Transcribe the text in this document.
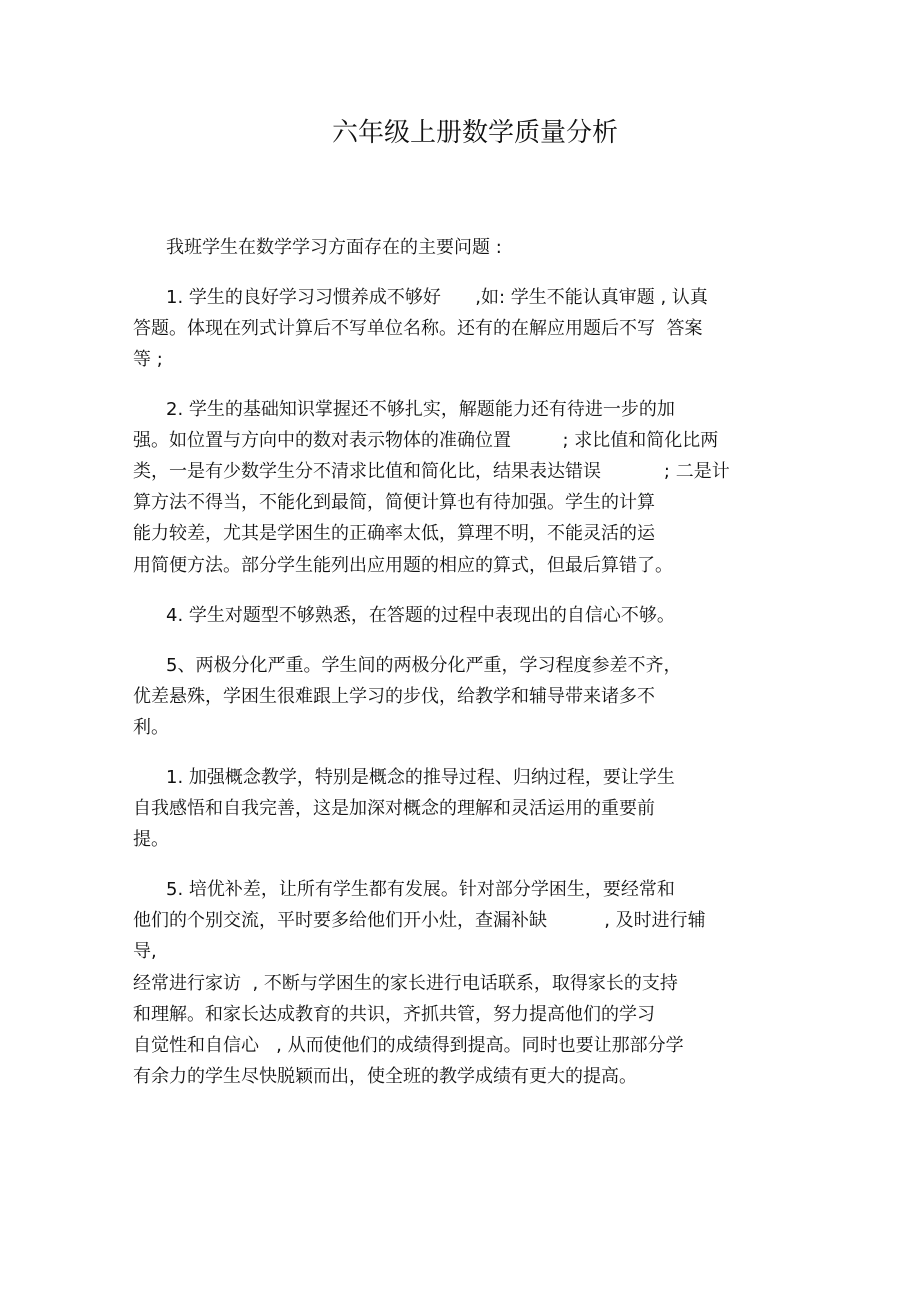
六年级上册数学质量分析
我班学生在数学学习方面存在的主要问题 :
1. 学生的良好学习习惯养成不够好      ,如: 学生不能认真审题 , 认真
答题。体现在列式计算后不写单位名称。还有的在解应用题后不写  答案
等 ;
2. 学生的基础知识掌握还不够扎实，解题能力还有待进一步的加
强。如位置与方向中的数对表示物体的准确位置         ; 求比值和简化比两
类，一是有少数学生分不清求比值和简化比，结果表达错误           ; 二是计
算方法不得当，不能化到最简，简便计算也有待加强。学生的计算
能力较差，尤其是学困生的正确率太低，算理不明，不能灵活的运
用简便方法。部分学生能列出应用题的相应的算式，但最后算错了。
4. 学生对题型不够熟悉，在答题的过程中表现出的自信心不够。
5、两极分化严重。学生间的两极分化严重，学习程度参差不齐，
优差悬殊，学困生很难跟上学习的步伐，给教学和辅导带来诸多不
利。
1. 加强概念教学，特别是概念的推导过程、归纳过程，要让学生
自我感悟和自我完善，这是加深对概念的理解和灵活运用的重要前
提。
5. 培优补差，让所有学生都有发展。针对部分学困生，要经常和
他们的个别交流，平时要多给他们开小灶，查漏补缺          , 及时进行辅
导,
经常进行家访  , 不断与学困生的家长进行电话联系，取得家长的支持
和理解。和家长达成教育的共识，齐抓共管，努力提高他们的学习
自觉性和自信心   , 从而使他们的成绩得到提高。同时也要让那部分学
有余力的学生尽快脱颖而出，使全班的教学成绩有更大的提高。
